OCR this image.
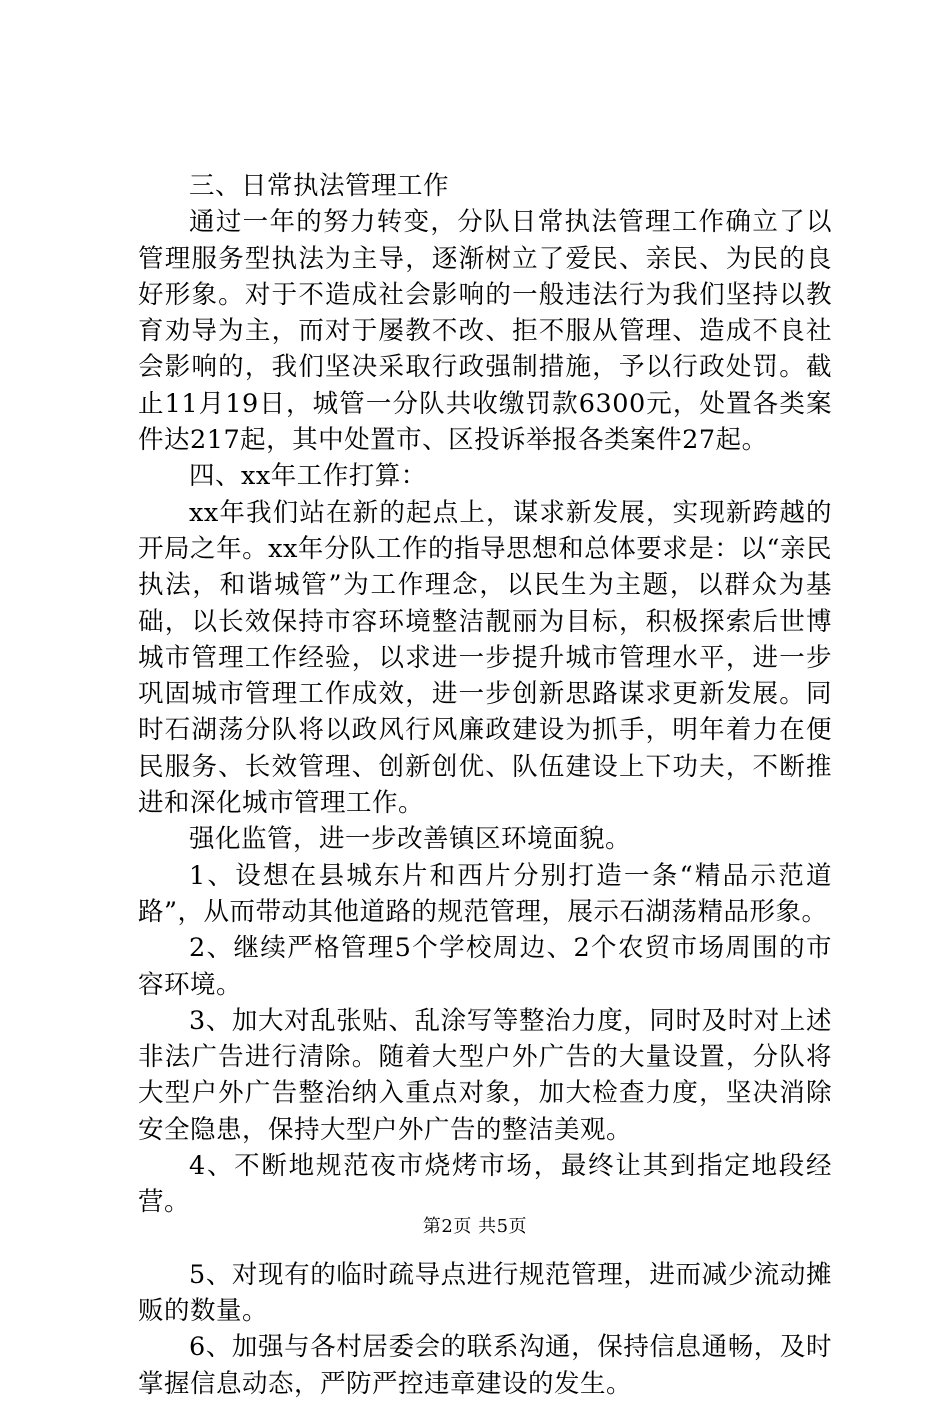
三、日常执法管理工作

通过一年的努力转变，分队日常执法管理工作确立了以管理服务型执法为主导，逐渐树立了爱民、亲民、为民的良好形象。对于不造成社会影响的一般违法行为我们坚持以教育劝导为主，而对于屡教不改、拒不服从管理、造成不良社会影响的，我们坚决采取行政强制措施，予以行政处罚。截止11月19日，城管一分队共收缴罚款6300元，处置各类案件达217起，其中处置市、区投诉举报各类案件27起。

四、xx年工作打算：

xx年我们站在新的起点上，谋求新发展，实现新跨越的开局之年。xx年分队工作的指导思想和总体要求是：以“亲民执法，和谐城管”为工作理念，以民生为主题，以群众为基础，以长效保持市容环境整洁靓丽为目标，积极探索后世博城市管理工作经验，以求进一步提升城市管理水平，进一步巩固城市管理工作成效，进一步创新思路谋求更新发展。同时石湖荡分队将以政风行风廉政建设为抓手，明年着力在便民服务、长效管理、创新创优、队伍建设上下功夫，不断推进和深化城市管理工作。

强化监管，进一步改善镇区环境面貌。

1、设想在县城东片和西片分别打造一条“精品示范道路”，从而带动其他道路的规范管理，展示石湖荡精品形象。

2、继续严格管理5个学校周边、2个农贸市场周围的市容环境。

3、加大对乱张贴、乱涂写等整治力度，同时及时对上述非法广告进行清除。随着大型户外广告的大量设置，分队将大型户外广告整治纳入重点对象，加大检查力度，坚决消除安全隐患，保持大型户外广告的整洁美观。

4、不断地规范夜市烧烤市场，最终让其到指定地段经营。

5、对现有的临时疏导点进行规范管理，进而减少流动摊贩的数量。

6、加强与各村居委会的联系沟通，保持信息通畅，及时掌握信息动态，严防严控违章建设的发生。

第2页 共5页
